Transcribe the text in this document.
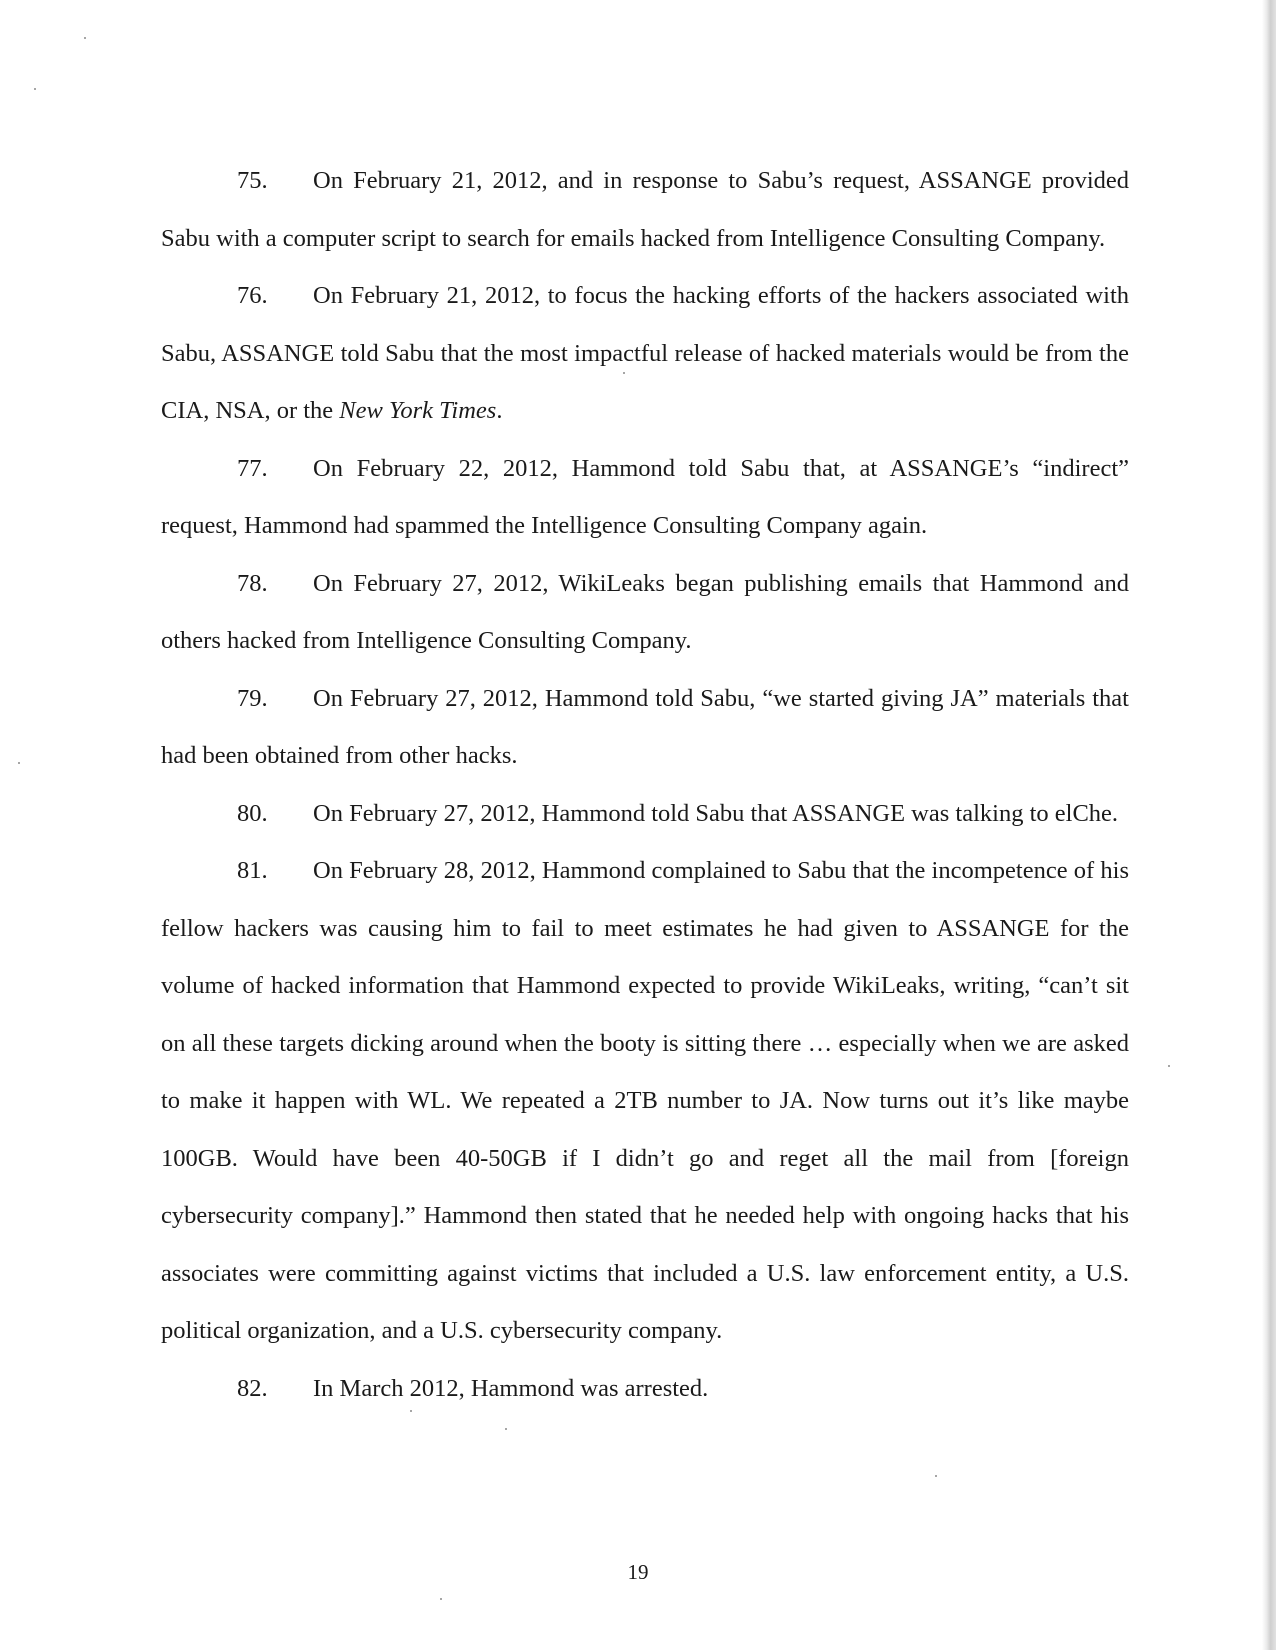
75. On February 21, 2012, and in response to Sabu’s request, ASSANGE provided Sabu with a computer script to search for emails hacked from Intelligence Consulting Company.

76. On February 21, 2012, to focus the hacking efforts of the hackers associated with Sabu, ASSANGE told Sabu that the most impactful release of hacked materials would be from the CIA, NSA, or the New York Times.

77. On February 22, 2012, Hammond told Sabu that, at ASSANGE’s “indirect” request, Hammond had spammed the Intelligence Consulting Company again.

78. On February 27, 2012, WikiLeaks began publishing emails that Hammond and others hacked from Intelligence Consulting Company.

79. On February 27, 2012, Hammond told Sabu, “we started giving JA” materials that had been obtained from other hacks.

80. On February 27, 2012, Hammond told Sabu that ASSANGE was talking to elChe.

81. On February 28, 2012, Hammond complained to Sabu that the incompetence of his fellow hackers was causing him to fail to meet estimates he had given to ASSANGE for the volume of hacked information that Hammond expected to provide WikiLeaks, writing, “can’t sit on all these targets dicking around when the booty is sitting there … especially when we are asked to make it happen with WL. We repeated a 2TB number to JA. Now turns out it’s like maybe 100GB. Would have been 40-50GB if I didn’t go and reget all the mail from [foreign cybersecurity company].” Hammond then stated that he needed help with ongoing hacks that his associates were committing against victims that included a U.S. law enforcement entity, a U.S. political organization, and a U.S. cybersecurity company.

82. In March 2012, Hammond was arrested.

19
